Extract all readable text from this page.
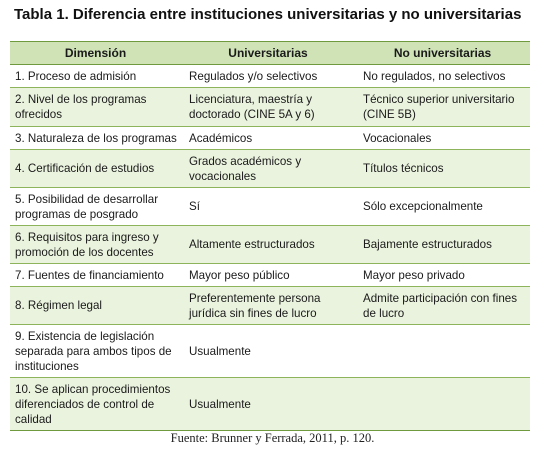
Tabla 1. Diferencia entre instituciones universitarias y no universitarias
Dimensión	Universitarias	No universitarias
1. Proceso de admisión	Regulados y/o selectivos	No regulados, no selectivos
2. Nivel de los programas ofrecidos	Licenciatura, maestría y doctorado (CINE 5A y 6)	Técnico superior universitario (CINE 5B)
3. Naturaleza de los programas	Académicos	Vocacionales
4. Certificación de estudios	Grados académicos y vocacionales	Títulos técnicos
5. Posibilidad de desarrollar programas de posgrado	Sí	Sólo excepcionalmente
6. Requisitos para ingreso y promoción de los docentes	Altamente estructurados	Bajamente estructurados
7. Fuentes de financiamiento	Mayor peso público	Mayor peso privado
8. Régimen legal	Preferentemente persona jurídica sin fines de lucro	Admite participación con fines de lucro
9. Existencia de legislación separada para ambos tipos de instituciones	Usualmente	
10. Se aplican procedimientos diferenciados de control de calidad	Usualmente	
Fuente: Brunner y Ferrada, 2011, p. 120.
